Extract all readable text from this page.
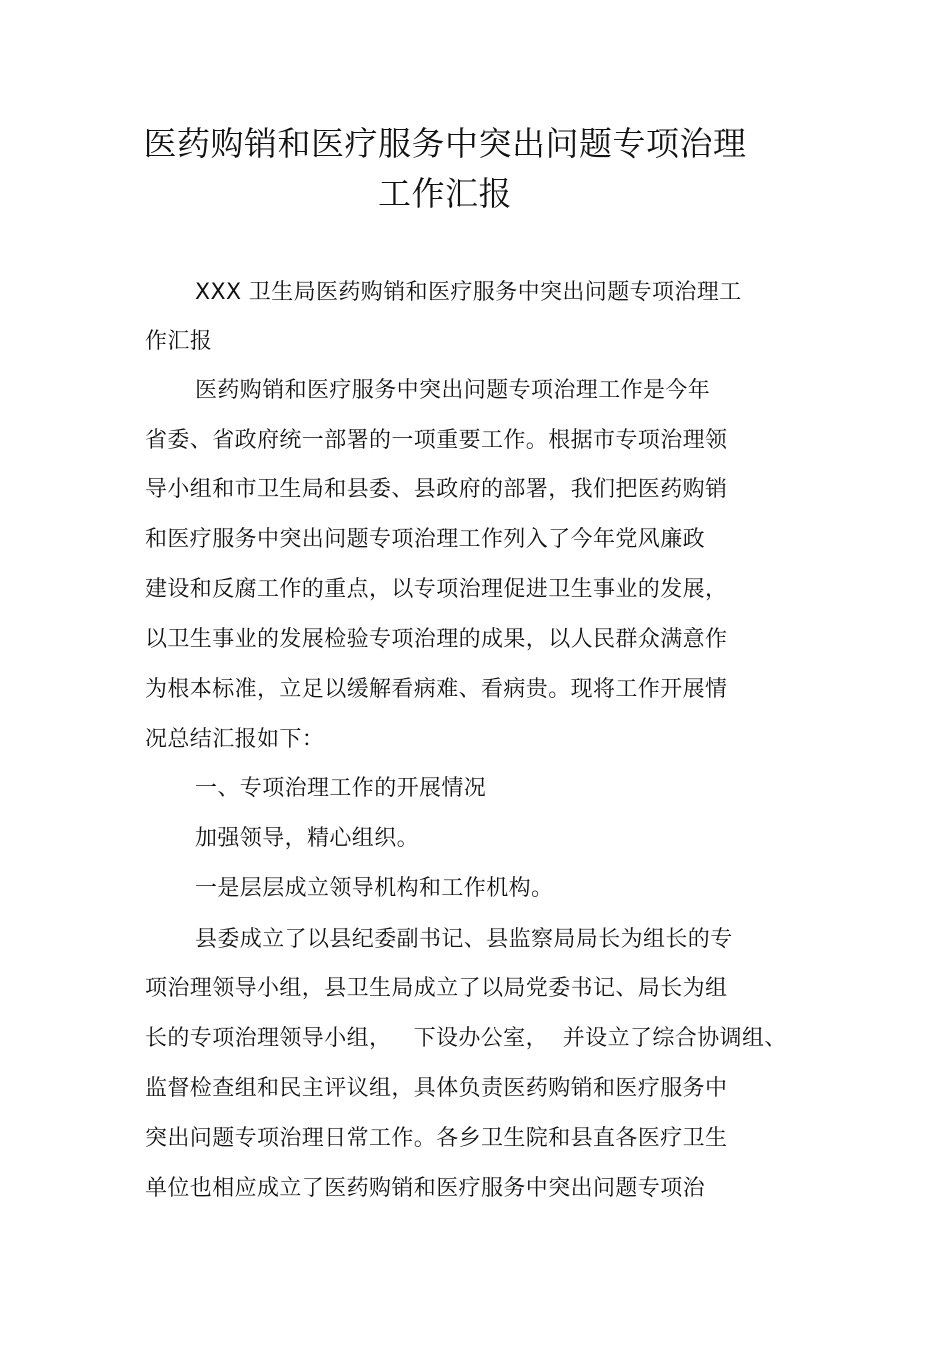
医药购销和医疗服务中突出问题专项治理
工作汇报
XXX 卫生局医药购销和医疗服务中突出问题专项治理工
作汇报
医药购销和医疗服务中突出问题专项治理工作是今年
省委、省政府统一部署的一项重要工作。根据市专项治理领
导小组和市卫生局和县委、县政府的部署，我们把医药购销
和医疗服务中突出问题专项治理工作列入了今年党风廉政
建设和反腐工作的重点，以专项治理促进卫生事业的发展，
以卫生事业的发展检验专项治理的成果，以人民群众满意作
为根本标准，立足以缓解看病难、看病贵。现将工作开展情
况总结汇报如下：
一、专项治理工作的开展情况
加强领导，精心组织。
一是层层成立领导机构和工作机构。
县委成立了以县纪委副书记、县监察局局长为组长的专
项治理领导小组，县卫生局成立了以局党委书记、局长为组
长的专项治理领导小组，   下设办公室，  并设立了综合协调组、
监督检查组和民主评议组，具体负责医药购销和医疗服务中
突出问题专项治理日常工作。各乡卫生院和县直各医疗卫生
单位也相应成立了医药购销和医疗服务中突出问题专项治
